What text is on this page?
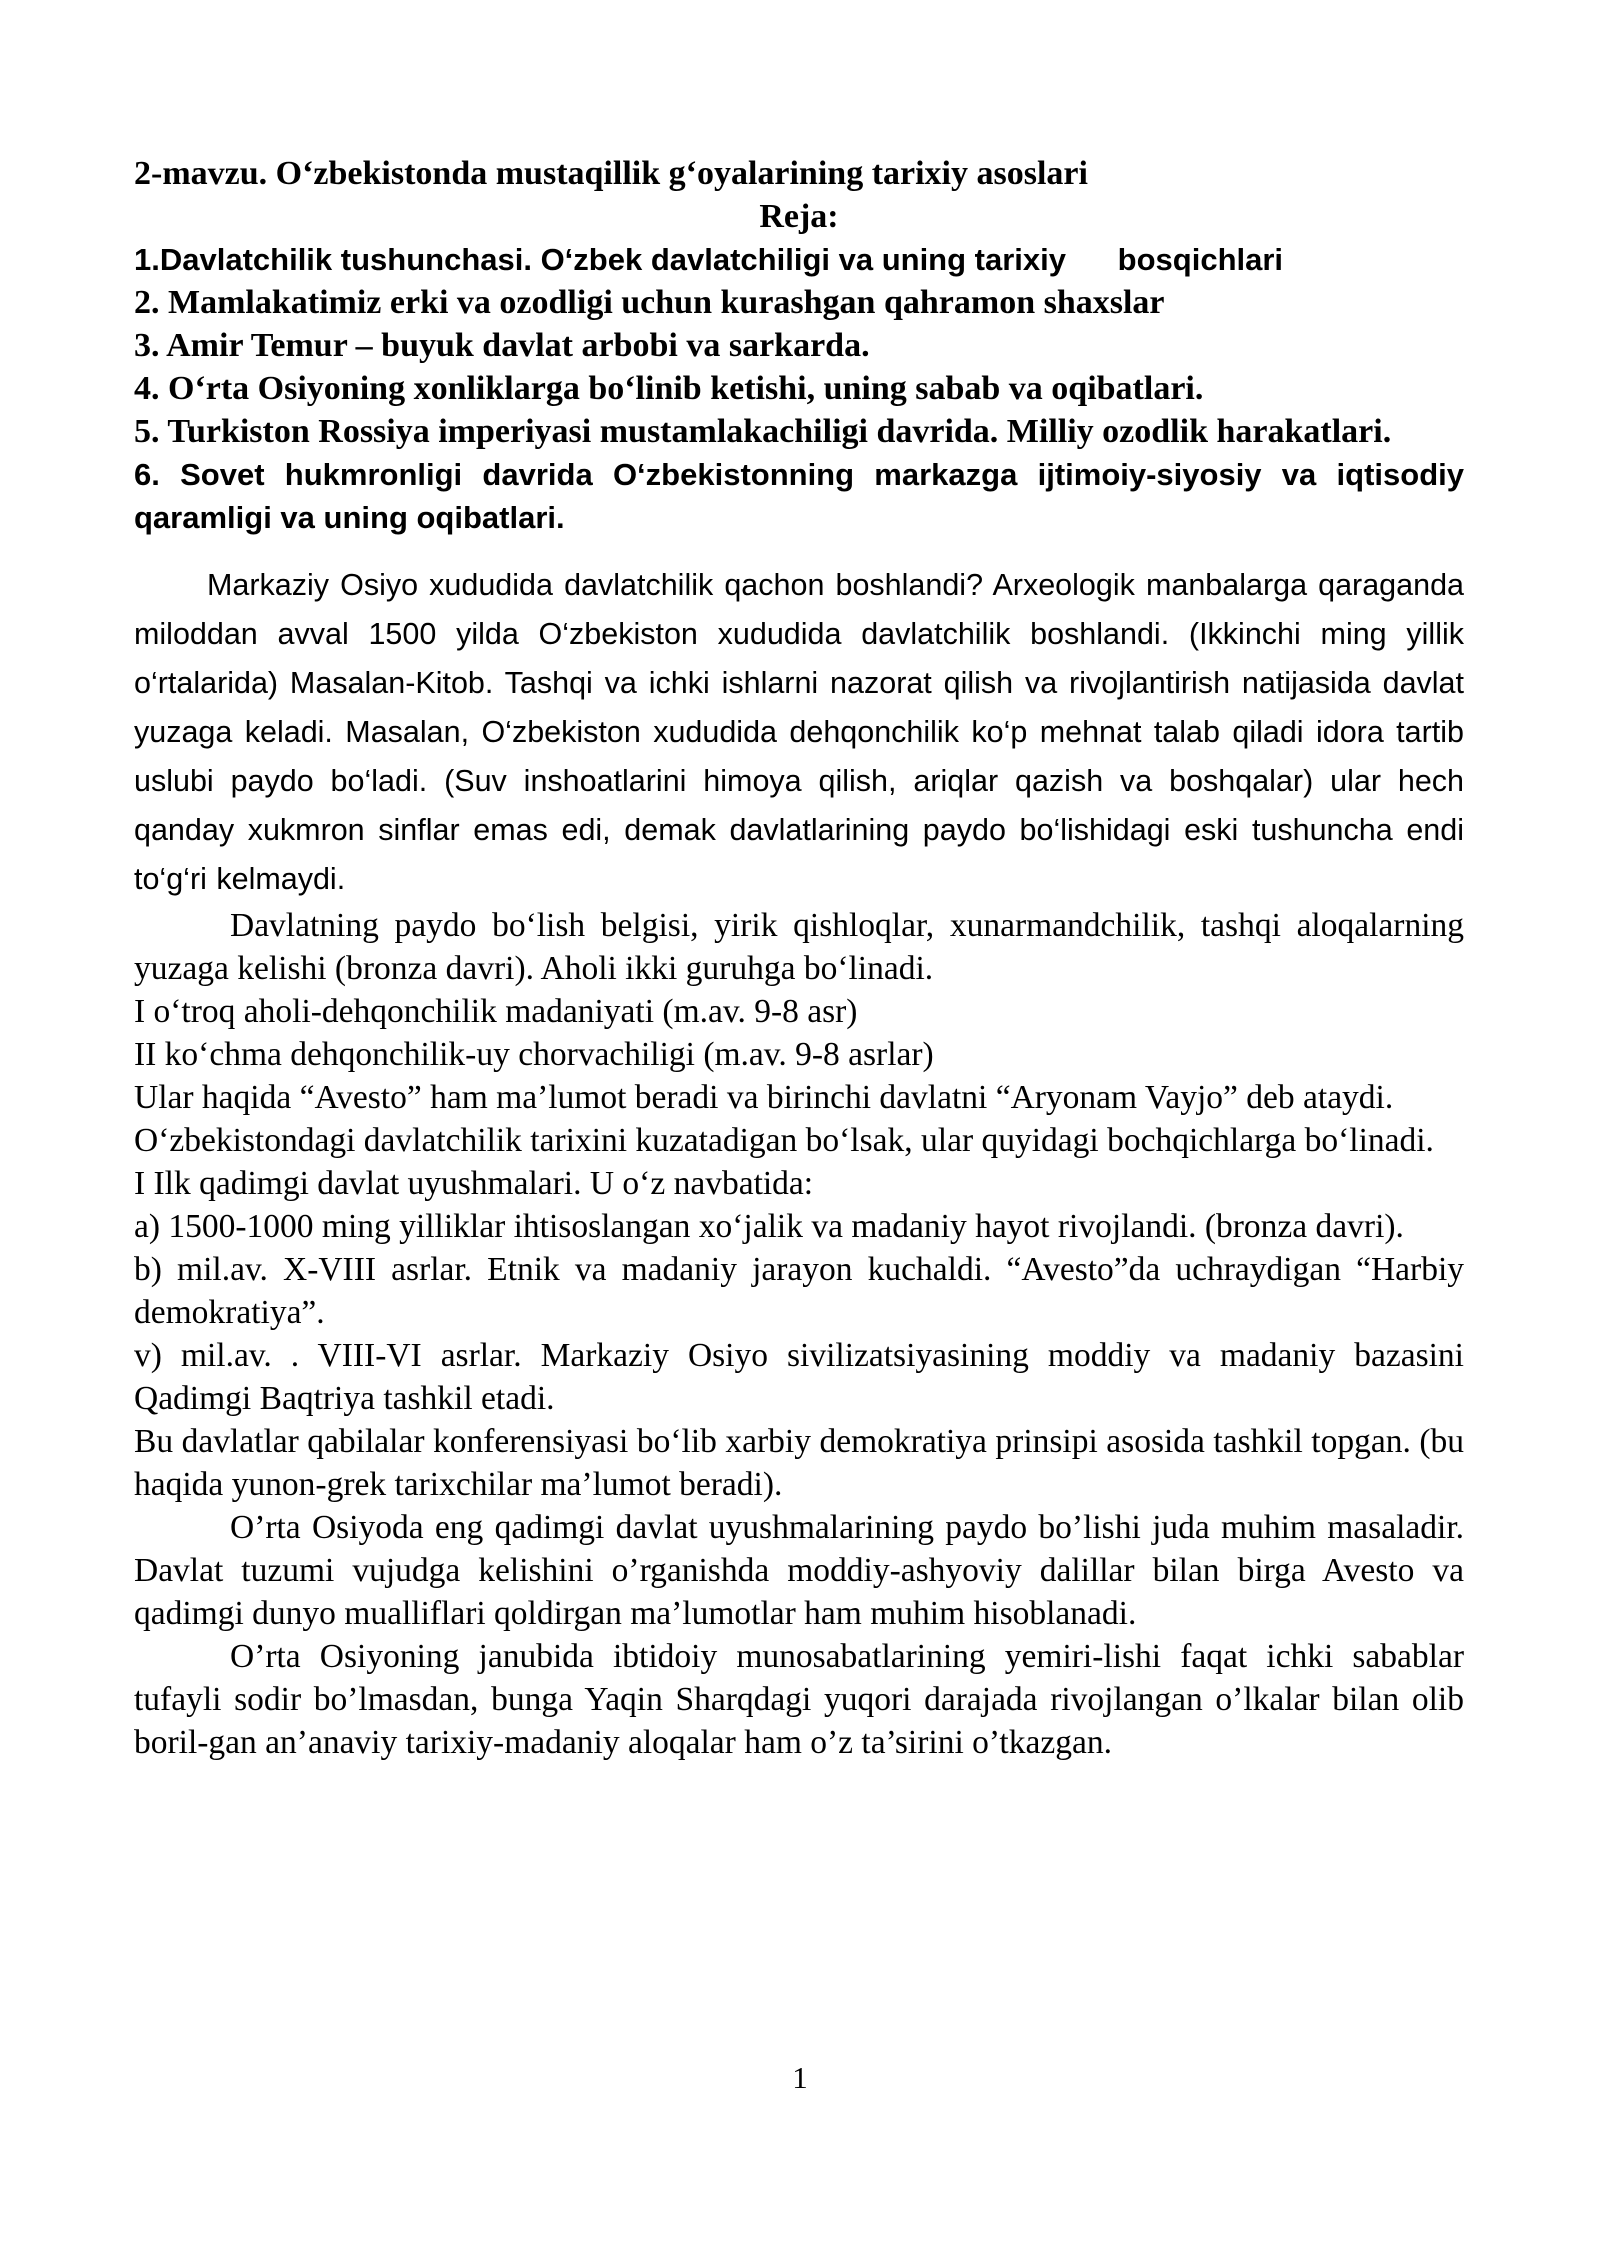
2-mavzu. O‘zbekistonda mustaqillik g‘oyalarining tarixiy asoslari

Reja:

1.Davlatchilik tushunchasi. O‘zbek davlatchiligi va uning tarixiy      bosqichlari

2. Mamlakatimiz erki va ozodligi uchun kurashgan qahramon shaxslar

3. Amir Temur – buyuk davlat arbobi va sarkarda.

4. O‘rta Osiyoning xonliklarga bo‘linib ketishi, uning sabab va oqibatlari.

5. Turkiston Rossiya imperiyasi mustamlakachiligi davrida. Milliy ozodlik harakatlari.

6. Sovet hukmronligi davrida O‘zbekistonning markazga ijtimoiy-siyosiy va iqtisodiy qaramligi va uning oqibatlari.

Markaziy Osiyo xududida davlatchilik qachon boshlandi? Arxeologik manbalarga qaraganda miloddan avval 1500 yilda O‘zbekiston xududida davlatchilik boshlandi. (Ikkinchi ming yillik o‘rtalarida) Masalan-Kitob. Tashqi va ichki ishlarni nazorat qilish va rivojlantirish natijasida davlat yuzaga keladi. Masalan, O‘zbekiston xududida dehqonchilik ko‘p mehnat talab qiladi idora tartib uslubi paydo bo‘ladi. (Suv inshoatlarini himoya qilish, ariqlar qazish va boshqalar) ular hech qanday xukmron sinflar emas edi, demak davlatlarining paydo bo‘lishidagi eski tushuncha endi to‘g‘ri kelmaydi.

Davlatning paydo bo‘lish belgisi, yirik qishloqlar, xunarmandchilik, tashqi aloqalarning yuzaga kelishi (bronza davri). Aholi ikki guruhga bo‘linadi.

I o‘troq aholi-dehqonchilik madaniyati (m.av. 9-8 asr)

II ko‘chma dehqonchilik-uy chorvachiligi (m.av. 9-8 asrlar)

Ular haqida “Avesto” ham ma’lumot beradi va birinchi davlatni “Aryonam Vayjo” deb ataydi.

O‘zbekistondagi davlatchilik tarixini kuzatadigan bo‘lsak, ular quyidagi bochqichlarga bo‘linadi.

I Ilk qadimgi davlat uyushmalari. U o‘z navbatida:

a) 1500-1000 ming yilliklar ihtisoslangan xo‘jalik va madaniy hayot rivojlandi. (bronza davri).

b) mil.av. X-VIII asrlar. Etnik va madaniy jarayon kuchaldi. “Avesto”da uchraydigan “Harbiy demokratiya”.

v) mil.av. . VIII-VI asrlar. Markaziy Osiyo sivilizatsiyasining moddiy va madaniy bazasini Qadimgi Baqtriya tashkil etadi.

Bu davlatlar qabilalar konferensiyasi bo‘lib xarbiy demokratiya prinsipi asosida tashkil topgan. (bu haqida yunon-grek tarixchilar ma’lumot beradi).

O’rta Osiyoda eng qadimgi davlat uyushmalarining paydo bo’lishi juda muhim masaladir. Davlat tuzumi vujudga kelishini o’rganishda moddiy-ashyoviy dalillar bilan birga Avesto va qadimgi dunyo mualliflari qoldirgan ma’lumotlar ham muhim hisoblanadi.

O’rta Osiyoning janubida ibtidoiy munosabatlarining yemiri-lishi faqat ichki sabablar tufayli sodir bo’lmasdan, bunga Yaqin Sharqdagi yuqori darajada rivojlangan o’lkalar bilan olib boril-gan an’anaviy tarixiy-madaniy aloqalar ham o’z ta’sirini o’tkazgan.

1
